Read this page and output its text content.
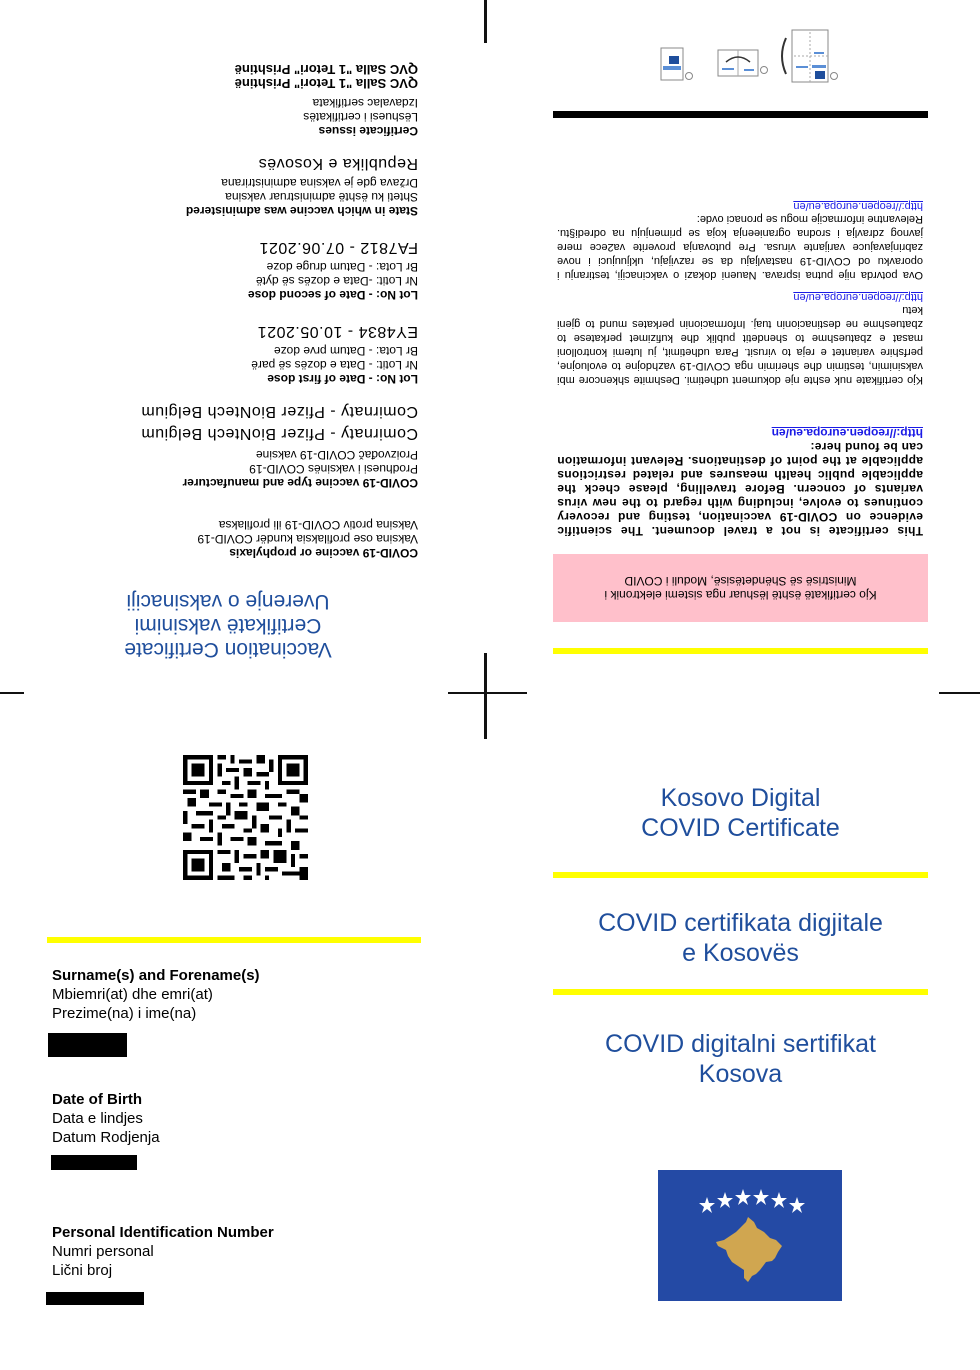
Vaccination Certificate
Certifikatë vaksinimi
Uverenje o vaksinaciji
COVID-19 vaccine or prophylaxis
Vaksina ose profilaksia kundër COVID-19
Vaksina protiv COVID-19 ili profilaksa
COVID-19 vaccine type and manufacturer
Prodhuesi i vaksinës COVID-19
Proizvođač COVID-19 vaksine
Comirnaty - Pfizer BioNtech Belgium
Comirnaty - Pfizer BioNtech Belgium
Lot No: - Date of first dose
Nr Lotit: - Data e dozës së parë
Br Lota: - Datum prve doze
EY4834 - 10.05.2021
Lot No: - Date of second dose
Nr Lotit: -Data e dozës së dytë
Br Lota: - Datum druge doze
FA7812 - 07.06.2021
State in which vaccine was administered
Shteti ku është administruar vaksina
Država gde je vaksina administrirana
Republika e Kosovës
Certificate issues
Lëshuesi i certifikatës
Izdavalac sertifikata
QVC Salla "1 Tetori" Prishtinë
QVC Salla "1 Tetori" Prishtinë
Kjo certifikatë është lëshuar nga sistemi elektronik i Ministrisë së Shëndetësisë, Moduli i COVID
This certificate is not a travel document. The scientific evidence on COVID-19 vaccination, testing and recovery continues to evolve, including with regard to the new virus variants of concern. Before travelling, please check the applicable public health measures and related restrictions applicable at the point of destinations. Relevant information can be found here:
http://reopen.europa.eu/en
Kjo certifikate nuk eshte nje dokument udhetimi. Deshmite shkencore mbi vaksinimin, testimin dhe sherimin nga COVID-19 vazhdojne to evoluojne, perfshire variantet e reja to virusit. Para udhetimit, ju lutemi kontrolloni masat e zbatueshme to shendetit publik dhe kufizimet perkatese to zbatueshme ne destinacionin tuaj. Informacionin perkates mund to gjeni ketu
http://reopen.europa.eu/en
Ova potvrda nije putna isprava. Naueni dokazi o vakcinaciji, testiranju i oporavku od COVID-19 nastavljaju da se razvijaju, ukljuujuci i nove zabrinjavajuce varijante virusa. Pre putovanja proverite va2ece mere javnog zdravlja i srodna ogranieenja koja se primenjuju na odredi§tu. Relevantne informacije mogu se pronaci ovde:
http://reopen.europa.eu/en
Surname(s) and Forename(s)
Mbiemri(at) dhe emri(at)
Prezime(na) i ime(na)
Date of Birth
Data e lindjes
Datum Rodjenja
Personal Identification Number
Numri personal
Lični broj
Kosovo Digital
COVID Certificate
COVID certifikata digjitale
e Kosovës
COVID digitalni sertifikat
Kosova
